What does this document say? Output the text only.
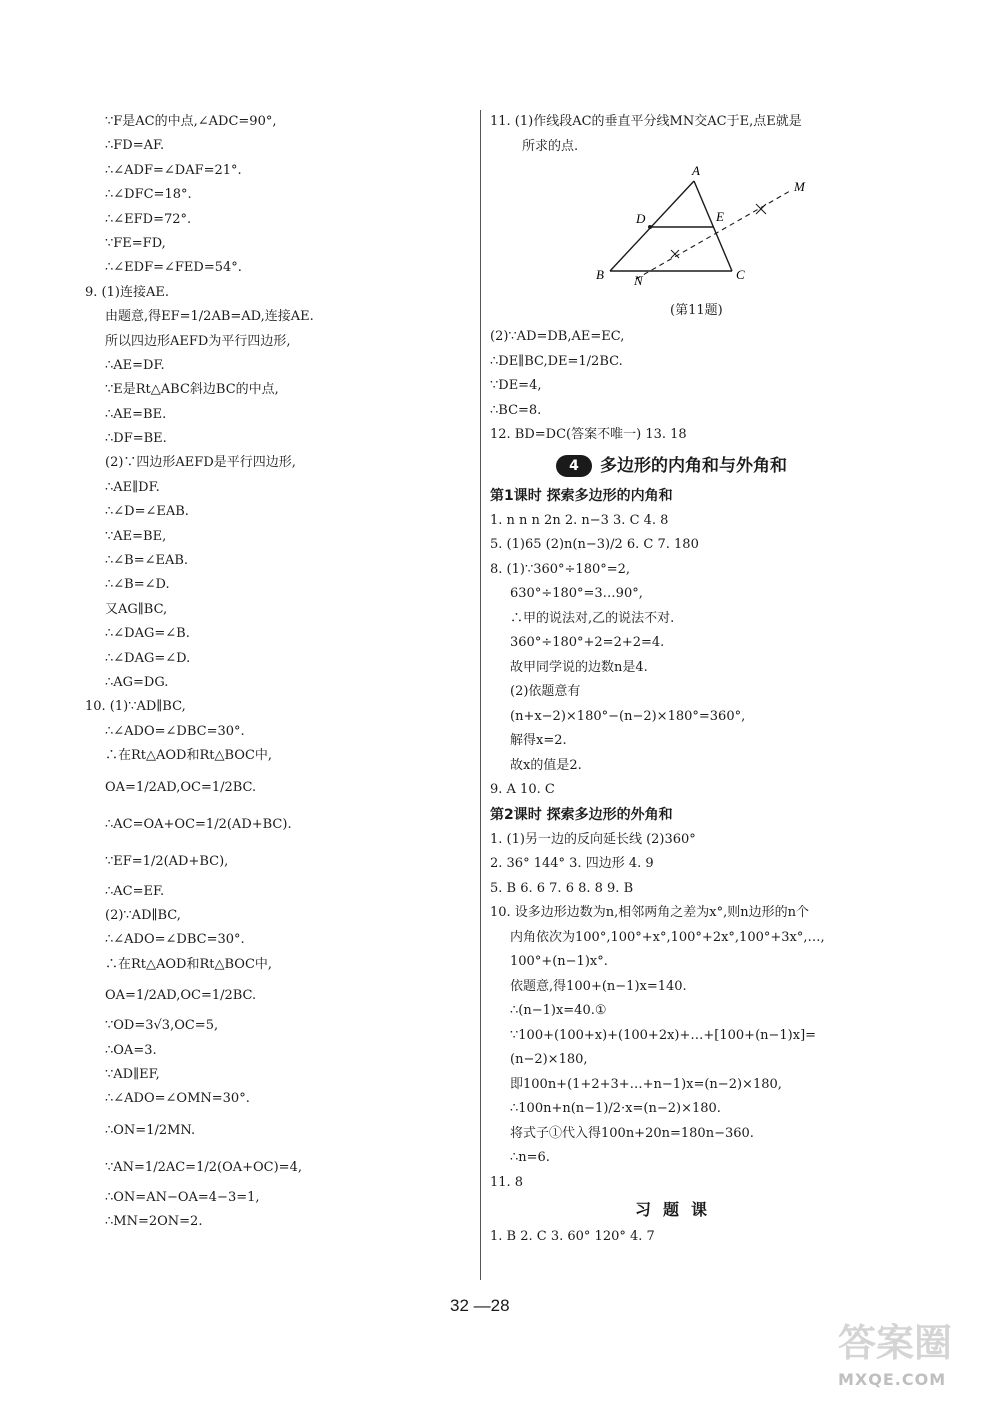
∵F是AC的中点,∠ADC=90°,
∴FD=AF.
∴∠ADF=∠DAF=21°.
∴∠DFC=18°.
∴∠EFD=72°.
∵FE=FD,
∴∠EDF=∠FED=54°.
9. (1)连接AE.
由题意,得EF=1/2AB=AD,连接AE.
所以四边形AEFD为平行四边形,
∴AE=DF.
∵E是Rt△ABC斜边BC的中点,
∴AE=BE.
∴DF=BE.
(2)∵四边形AEFD是平行四边形,
∴AE∥DF.
∴∠D=∠EAB.
∵AE=BE,
∴∠B=∠EAB.
∴∠B=∠D.
又AG∥BC,
∴∠DAG=∠B.
∴∠DAG=∠D.
∴AG=DG.
10. (1)∵AD∥BC,
∴∠ADO=∠DBC=30°.
∴在Rt△AOD和Rt△BOC中,
OA=1/2AD,OC=1/2BC.
∴AC=OA+OC=1/2(AD+BC).
∵EF=1/2(AD+BC),
∴AC=EF.
(2)∵AD∥BC,
∴∠ADO=∠DBC=30°.
∴在Rt△AOD和Rt△BOC中,
OA=1/2AD,OC=1/2BC.
∵OD=3√3,OC=5,
∴OA=3.
∵AD∥EF,
∴∠ADO=∠OMN=30°.
∴ON=1/2MN.
∵AN=1/2AC=1/2(OA+OC)=4,
∴ON=AN−OA=4−3=1,
∴MN=2ON=2.
11. (1)作线段AC的垂直平分线MN交AC于E,点E就是
所求的点.
A
B	C
D	E
M
N
(第11题)
(2)∵AD=DB,AE=EC,
∴DE∥BC,DE=1/2BC.
∵DE=4,
∴BC=8.
12. BD=DC(答案不唯一) 13. 18
4	多边形的内角和与外角和
第1课时 探索多边形的内角和
1. n n n 2n 2. n−3 3. C 4. 8
5. (1)65 (2)n(n−3)/2 6. C 7. 180
8. (1)∵360°÷180°=2,
630°÷180°=3…90°,
∴甲的说法对,乙的说法不对.
360°÷180°+2=2+2=4.
故甲同学说的边数n是4.
(2)依题意有
(n+x−2)×180°−(n−2)×180°=360°,
解得x=2.
故x的值是2.
9. A 10. C
第2课时 探索多边形的外角和
1. (1)另一边的反向延长线 (2)360°
2. 36° 144° 3. 四边形 4. 9
5. B 6. 6 7. 6 8. 8 9. B
10. 设多边形边数为n,相邻两角之差为x°,则n边形的n个
内角依次为100°,100°+x°,100°+2x°,100°+3x°,…,
100°+(n−1)x°.
依题意,得100+(n−1)x=140.
∴(n−1)x=40.①
∵100+(100+x)+(100+2x)+…+[100+(n−1)x]=
(n−2)×180,
即100n+(1+2+3+…+n−1)x=(n−2)×180,
∴100n+n(n−1)/2·x=(n−2)×180.
将式子①代入得100n+20n=180n−360.
∴n=6.
11. 8
习题课
1. B 2. C 3. 60° 120° 4. 7
32 —28
答案圈
MXQE.COM
